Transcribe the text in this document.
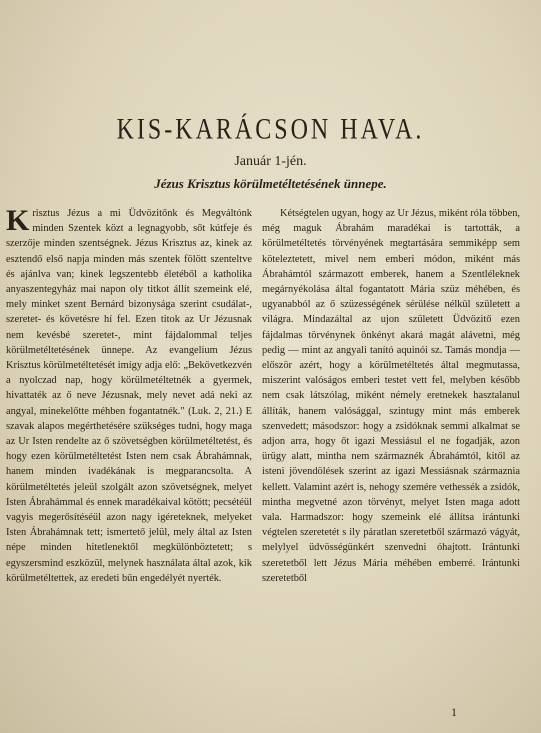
KIS-KARÁCSON HAVA.
Január 1-jén.
Jézus Krisztus körülmetéltetésének ünnepe.

Krisztus Jézus a mi Üdvözitőnk és Megváltónk minden Szentek közt a legnagyobb, sőt kútfeje és szerzője minden szentségnek. Jézus Krisztus az, kinek az esztendő első napja minden más szentek fölött szenteltve és ajánlva van; kinek legszentebb életéből a katholika anyaszentegyház mai napon oly titkot állít szemeink elé, mely minket szent Bernárd bizonysága szerint csudálat-, szeretet- és követésre hí fel. Ezen titok az Ur Jézusnak nem kevésbé szeretet-, mint fájdalommal teljes körülmetéltetésének ünnepe. Az evangelium Jézus Krisztus körülmetéltetését imígy adja elő: „Bekövetkezvén a nyolczad nap, hogy körülmetéltetnék a gyermek, hivattaték az ő neve Jézusnak, mely nevet adá neki az angyal, minekelőtte méhben fogantatnék." (Luk. 2, 21.) E szavak alapos megérthetésére szükséges tudni, hogy maga az Ur Isten rendelte az ő szövetségben körülmetéltetést, és hogy ezen körülmetéltetést Isten nem csak Ábrahámnak, hanem minden ivadékának is megparancsolta. A körülmetéltetés jeleül szolgált azon szövetségnek, melyet Isten Ábrahámmal és ennek maradékaival kötött; pecsétéül vagyis megerősítéséül azon nagy igéreteknek, melyeket Isten Ábrahámnak tett; ismertető jelül, mely által az Isten népe minden hitetlenektől megkülönböztetett; s egyszersmind eszközül, melynek használata által azok, kik körülmetéltettek, az eredeti bűn engedélyét nyerték.

Kétségtelen ugyan, hogy az Ur Jézus, miként róla többen, még maguk Ábrahám maradékai is tartották, a körülmetéltetés törvényének megtartására semmiképp sem köteleztetett, mivel nem emberi módon, miként más Ábrahámtól származott emberek, hanem a Szentléleknek megárnyékolása által fogantatott Mária szüz méhében, és ugyanabból az ő szüzességének sérülése nélkül született a világra. Mindazáltal az ujon született Üdvözitő ezen fájdalmas törvénynek önkényt akará magát alávetni, még pedig — mint az angyali tanító aquinói sz. Tamás mondja — először azért, hogy a körülmetéltetés által megmutassa, miszerint valóságos emberi testet vett fel, melyben később nem csak látszólag, miként némely eretnekek hasztalanul állíták, hanem valósággal, szintugy mint más emberek szenvedett; másodszor: hogy a zsidóknak semmi alkalmat se adjon arra, hogy őt igazi Messiásul el ne fogadják, azon ürügy alatt, mintha nem származnék Ábrahámtól, kitől az isteni jövendölések szerint az igazi Messiásnak származnia kellett. Valamint azért is, nehogy szemére vethessék a zsidók, mintha megvetné azon törvényt, melyet Isten maga adott vala. Harmadszor: hogy szemeink elé állítsa irántunki végtelen szeretetét s ily páratlan szeretetből származó vágyát, melylyel üdvösségünkért szenvedni óhajtott. Irántunki szeretetből lett Jézus Mária méhében emberré. Irántunki szeretetből

1
